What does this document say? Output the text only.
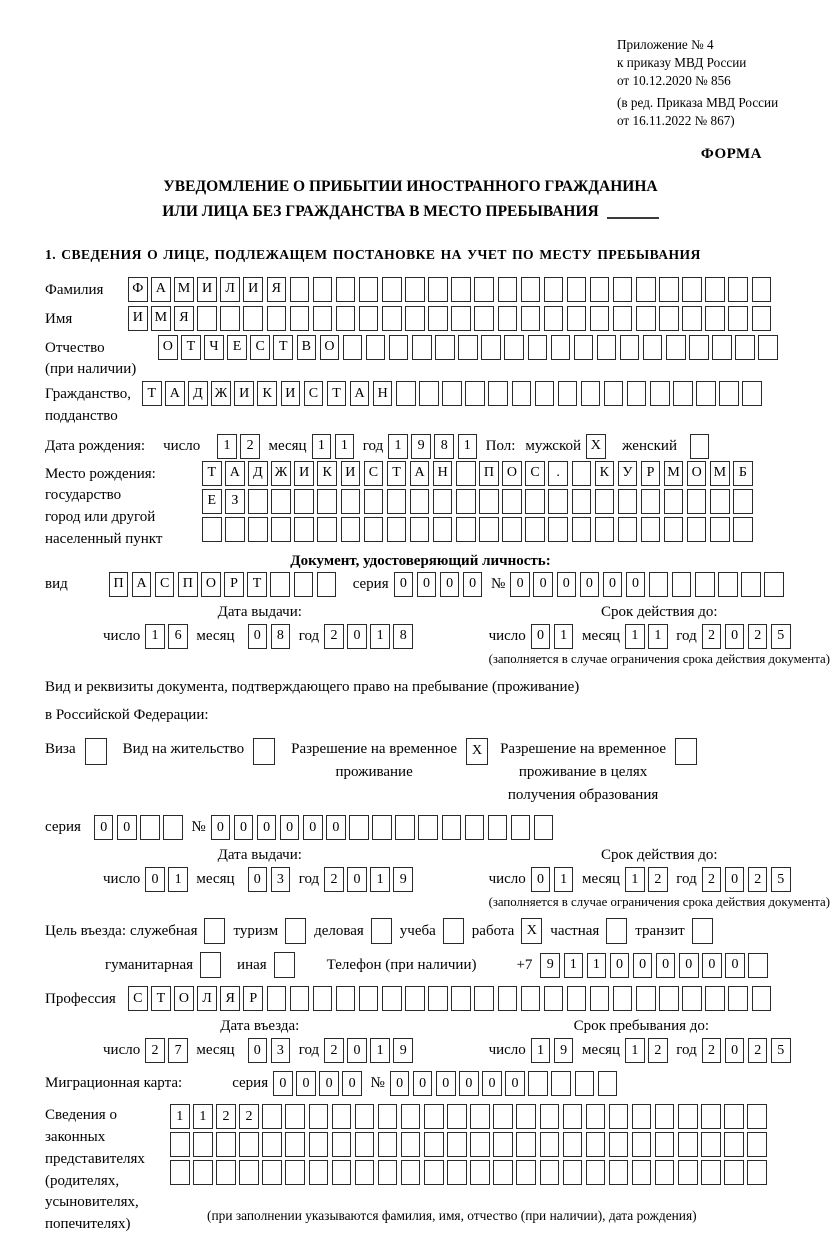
Приложение № 4
к приказу МВД России
от 10.12.2020 № 856
(в ред. Приказа МВД России
от 16.11.2022 № 867)
ФОРМА
УВЕДОМЛЕНИЕ О ПРИБЫТИИ ИНОСТРАННОГО ГРАЖДАНИНА
ИЛИ ЛИЦА БЕЗ ГРАЖДАНСТВА В МЕСТО ПРЕБЫВАНИЯ
1. СВЕДЕНИЯ О ЛИЦЕ, ПОДЛЕЖАЩЕМ ПОСТАНОВКЕ НА УЧЕТ ПО МЕСТУ ПРЕБЫВАНИЯ
Фамилия	Ф А М И Л И Я
Имя	И М Я
Отчество
(при наличии)
О Т	Ч	Е	С	Т	В О
Гражданство,
подданство
Т А Д Ж И К И С	Т А Н
Дата рождения: число	1	2 месяц 1	1 год 1	9	8	1 Пол: мужской X	женский
Место рождения:
государство
город или другой
населенный пункт
Т А Д Ж И К И С	Т А Н	П О С	.	К У	Р М О М Б
Е	З
Документ, удостоверяющий личность:
вид	П А С П О	Р	Т	серия 0	0	0	0 № 0	0	0	0	0	0
Дата выдачи:
число 1	6 месяц	0	8 год 2	0	1	8
Срок действия до:
число 0	1 месяц 1	1 год 2	0	2	5
(заполняется в случае ограничения срока действия документа)
Вид и реквизиты документа, подтверждающего право на пребывание (проживание)
в Российской Федерации:
Виза	Вид на жительство	Разрешение на временное
проживание
X	Разрешение на временное
проживание в целях
получения образования
серия	0	0	№ 0	0	0	0	0	0
Дата выдачи:
число 0	1 месяц	0	3 год 2	0	1	9
Срок действия до:
число 0	1 месяц 1	2 год 2	0	2	5
(заполняется в случае ограничения срока действия документа)
Цель въезда: служебная туризм деловая учеба работа X частная транзит
гуманитарная	иная	Телефон (при наличии)	+7	9	1	1	0	0	0	0	0	0
Профессия	С	Т О Л Я	Р
Дата въезда:
число 2	7 месяц	0	3 год 2	0	1	9
Срок пребывания до:
число 1	9 месяц 1	2 год 2	0	2	5
Миграционная карта:	серия 0	0	0	0 № 0	0	0	0	0	0
Сведения о
законных
представителях
(родителях,
усыновителях,
попечителях)
1	1	2	2
(при заполнении указываются фамилия, имя, отчество (при наличии), дата рождения)
